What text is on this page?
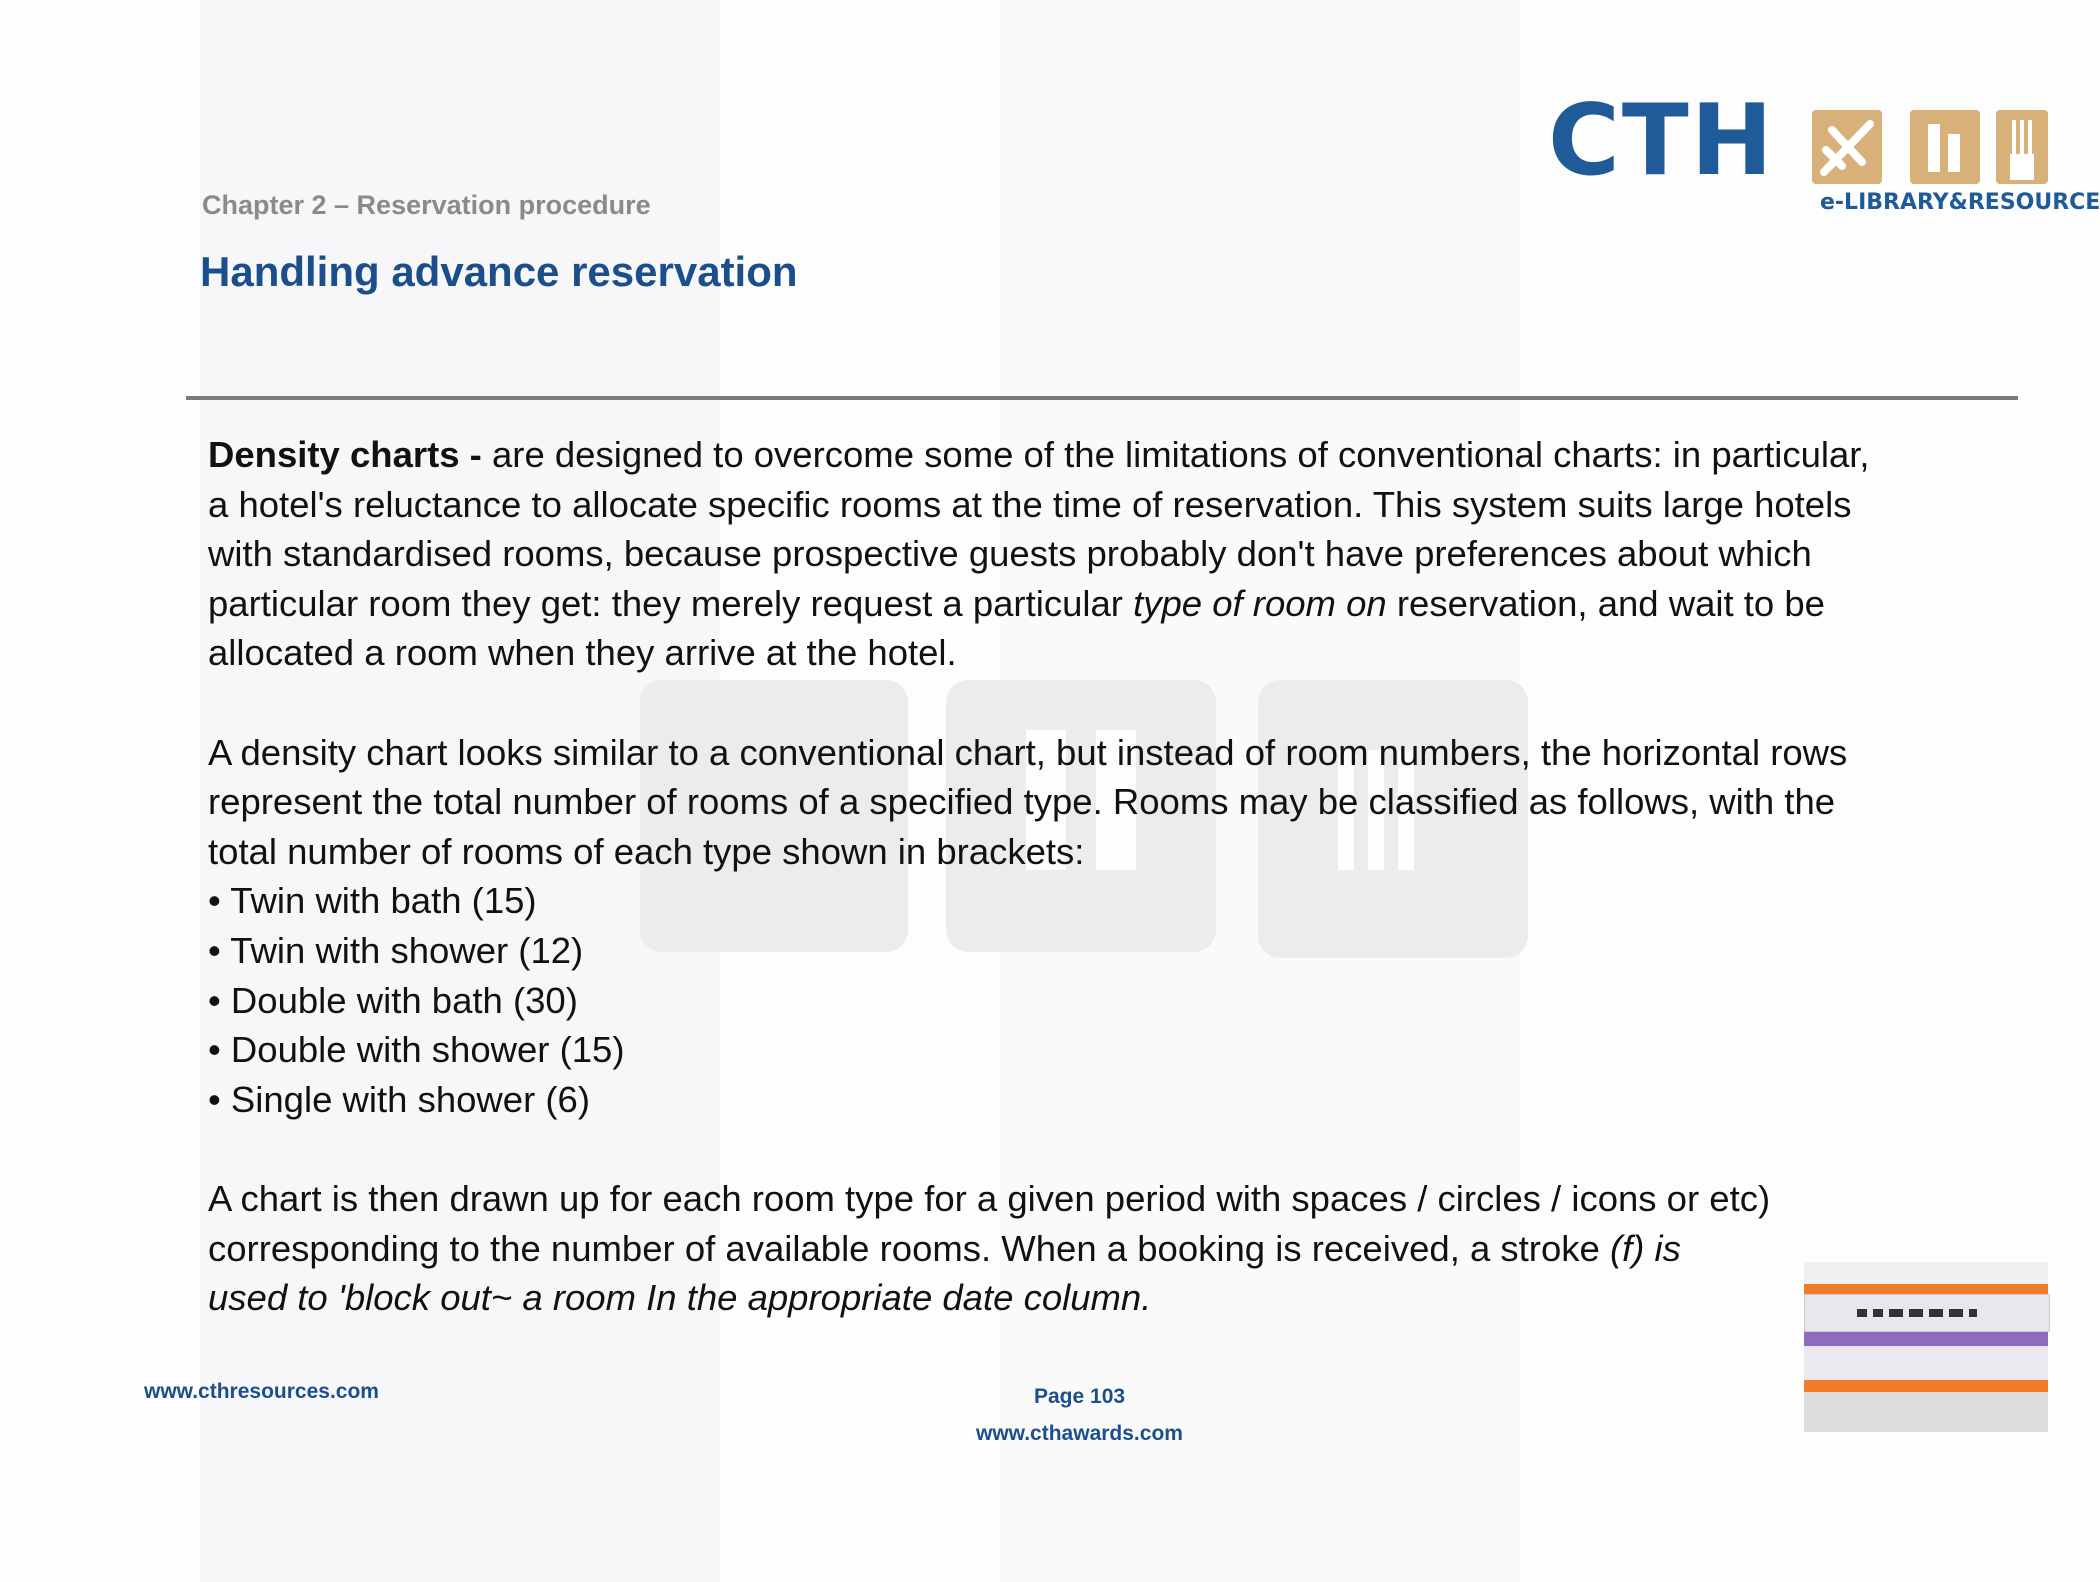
CTH
e-LIBRARY&RESOURCE
Chapter 2 – Reservation procedure
Handling advance reservation

Density charts - are designed to overcome some of the limitations of conventional charts: in particular,

a hotel's reluctance to allocate specific rooms at the time of reservation. This system suits large hotels

with standardised rooms, because prospective guests probably don't have preferences about which

particular room they get: they merely request a particular type of room on reservation, and wait to be

allocated a room when they arrive at the hotel.

A density chart looks similar to a conventional chart, but instead of room numbers, the horizontal rows

represent the total number of rooms of a specified type. Rooms may be classified as follows, with the

total number of rooms of each type shown in brackets:

• Twin with bath (15)

• Twin with shower (12)

• Double with bath (30)

• Double with shower (15)

• Single with shower (6)

A chart is then drawn up for each room type for a given period with spaces / circles / icons or etc)

corresponding to the number of available rooms. When a booking is received, a stroke (f) is

used to 'block out~ a room In the appropriate date column.

www.cthresources.com	Page 103
www.cthawards.com
